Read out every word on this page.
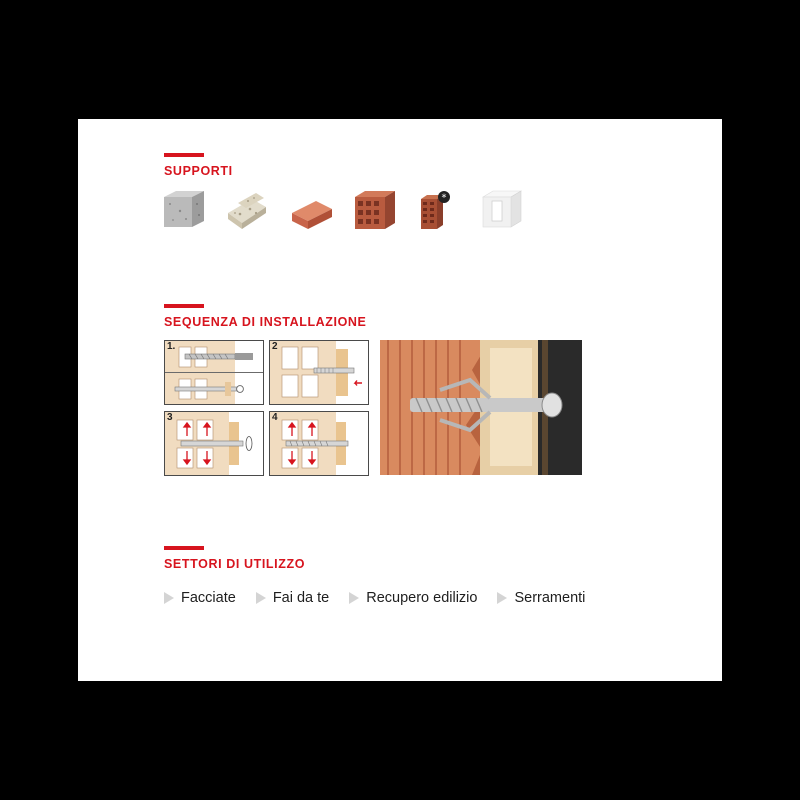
SUPPORTI
*
SEQUENZA DI INSTALLAZIONE
1.	2
3	4
SETTORI DI UTILIZZO
Facciate	Fai da te	Recupero edilizio	Serramenti
